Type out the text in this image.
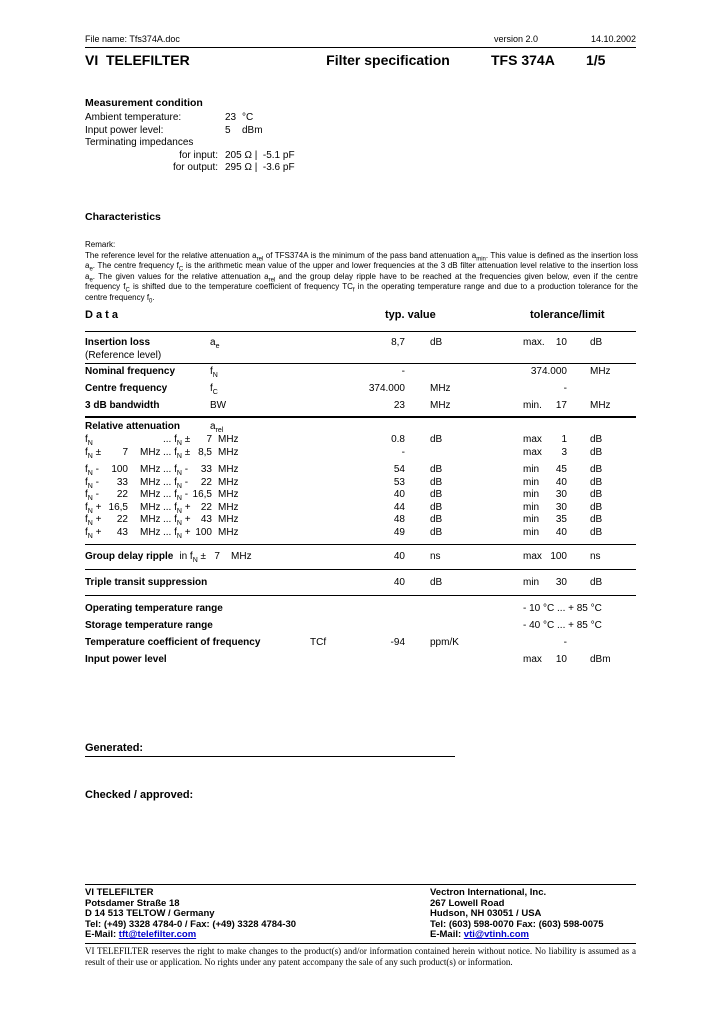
File name: Tfs374A.doc	version 2.0	14.10.2002
VI  TELEFILTER	Filter specification	TFS 374A	1/5
Measurement condition
Ambient temperature:	23 °C
Input power level:	5	dBm
Terminating impedances
for input: 205 Ω |  -5.1 pF
for output: 295 Ω |  -3.6 pF
Characteristics
Remark:
The reference level for the relative attenuation $a_{rel}$ of TFS374A is the minimum of the pass band attenuation $a_{min}$. This value is defined as the insertion loss $a_e$. The centre frequency $f_C$ is the arithmetic mean value of the upper and lower frequencies at the 3 dB filter attenuation level relative to the insertion loss $a_e$. The given values for the relative attenuation $a_{rel}$ and the group delay ripple have to be reached at the frequencies given below, even if the centre frequency $f_C$ is shifted due to the temperature coefficient of frequency $TC_f$ in the operating temperature range and due to a production tolerance for the centre frequency $f_0$.
D a t a	typ. value	tolerance/limit
Insertion loss
(Reference level)
$a_e$	8,7	dB	max.	10 dB
Nominal frequency	$f_N$	-	374.000 MHz
Centre frequency	$f_C$	374.000	MHz	-
3 dB bandwidth	BW	23	MHz	min.	17 MHz
Relative attenuation	$a_{rel}$
$f_N$	... $f_N$ ±	7 MHz	0.8	dB	max	1 dB
$f_N$ ±	7 MHz ... $f_N \pm 8,5$ MHz	-	max	3 dB
$f_N$ -	100 MHz ... $f_N$ -	33 MHz	54	dB	min	45 dB
$f_N$ -	33 MHz ... $f_N$ -	22 MHz	53	dB	min	40 dB
$f_N$ -	22 MHz ... $f_N - 16,5$ MHz	40	dB	min	30 dB
$f_N + 16,5$ MHz ... $f_N$ +	22 MHz	44	dB	min	30 dB
$f_N$ +	22 MHz ... $f_N$ +	43 MHz	48	dB	min	35 dB
$f_N$ +	43 MHz ... $f_N + 100$ MHz	49	dB	min	40 dB
Group delay ripple in $f_N \pm 7$    MHz	40	ns	max 100 ns
Triple transit suppression	40	dB	min	30 dB
Operating temperature range	- 10 °C ... + 85 °C
Storage temperature range	- 40 °C ... + 85 °C
Temperature coefficient of frequency	TCf	-94	ppm/K	-
Input power level	max	10 dBm
Generated:
Checked / approved:
VI TELEFILTER
Potsdamer Straße 18
D 14 513 TELTOW / Germany
Tel: (+49) 3328 4784-0 / Fax: (+49) 3328 4784-30
E-Mail: tft@telefilter.com
Vectron International, Inc.
267 Lowell Road
Hudson, NH 03051 / USA
Tel: (603) 598-0070 Fax: (603) 598-0075
E-Mail: vti@vtinh.com
VI TELEFILTER reserves the right to make changes to the product(s) and/or information contained herein without notice. No liability is assumed as a result of their use or application. No rights under any patent accompany the sale of any such product(s) or information.
